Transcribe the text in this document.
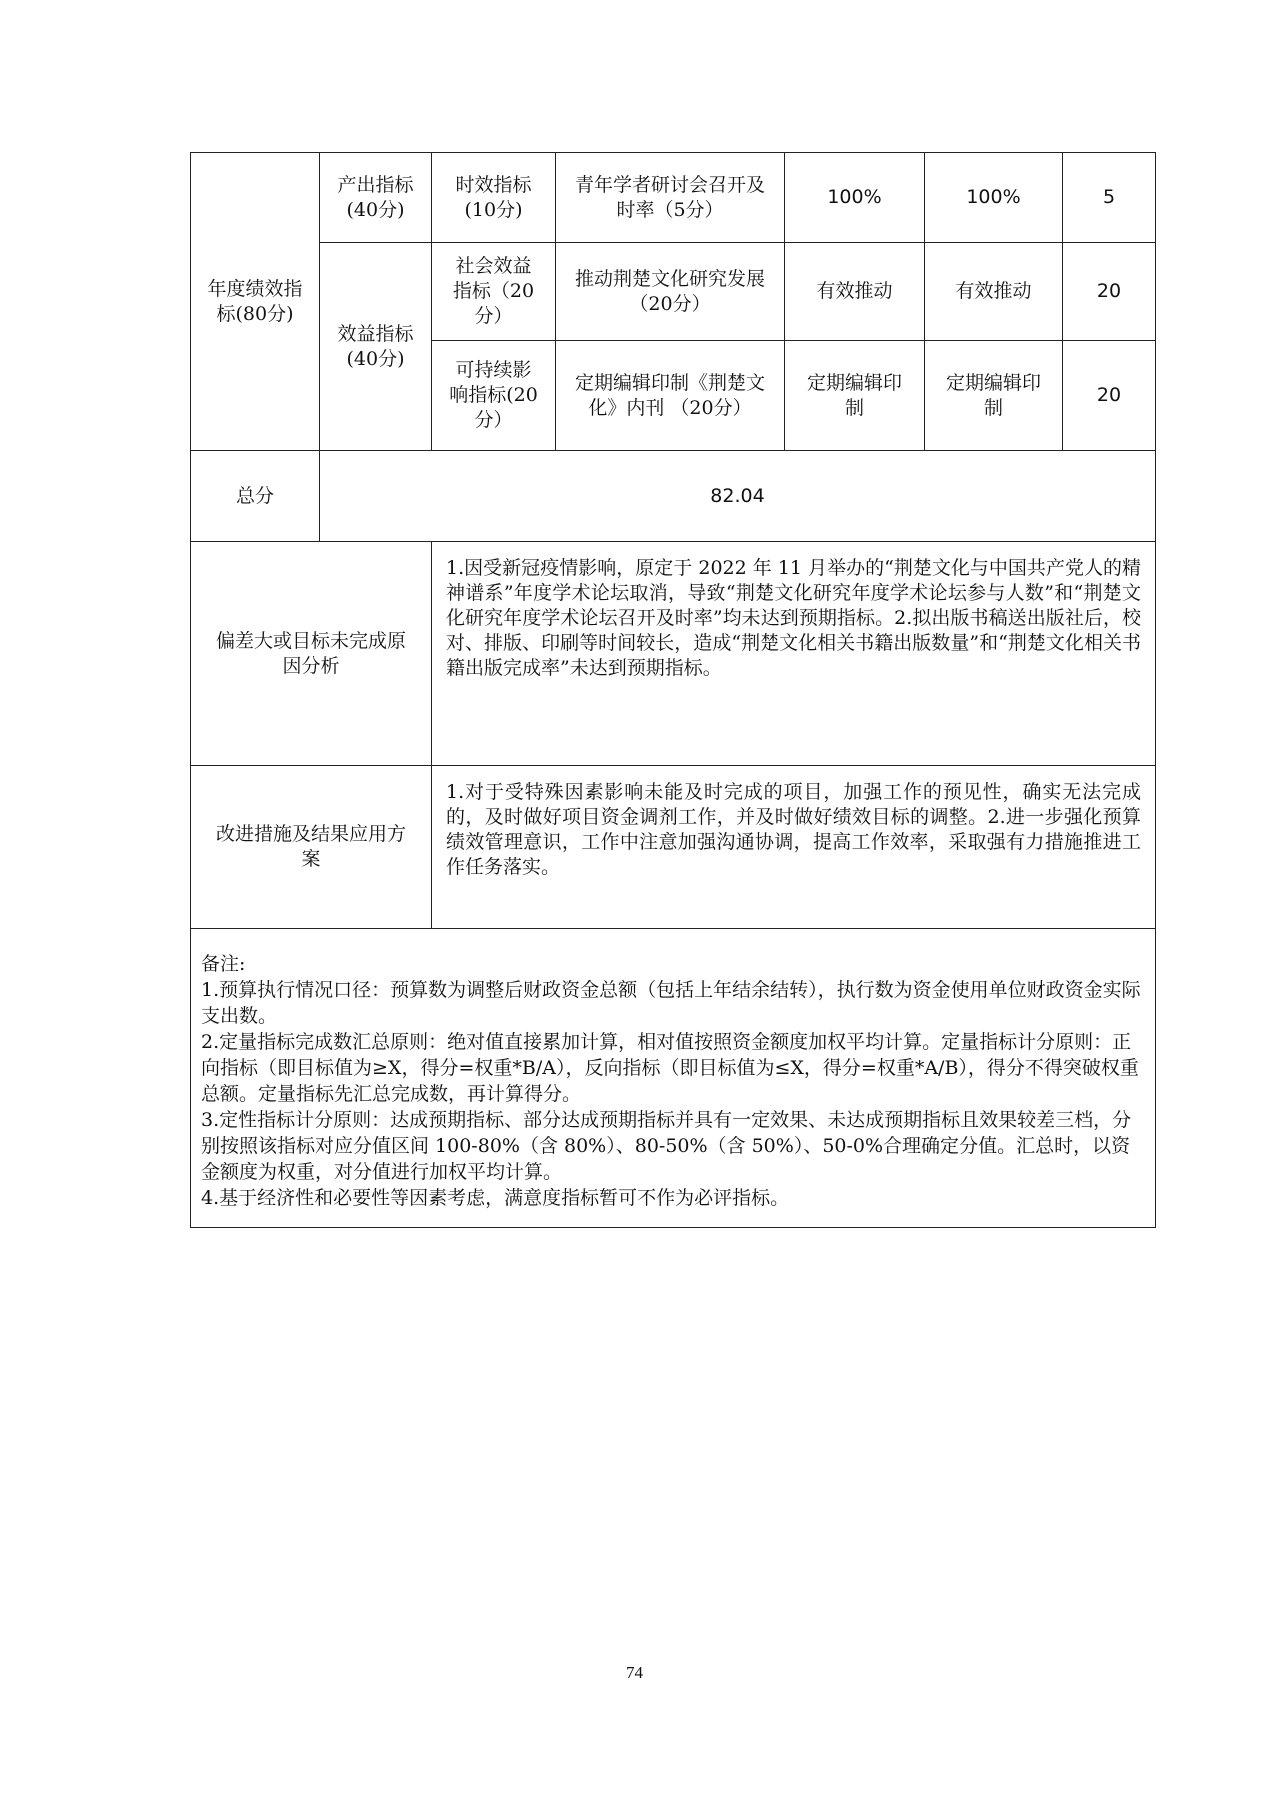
年度绩效指标(80分)	产出指标(40分)	时效指标(10分)	青年学者研讨会召开及时率（5分）	100%	100%	5
	效益指标(40分)	社会效益指标（20分）	推动荆楚文化研究发展（20分）	有效推动	有效推动	20
		可持续影响指标(20分）	定期编辑印制《荆楚文化》内刊 （20分）	定期编辑印制	定期编辑印制	20
总分	82.04					
偏差大或目标未完成原因分析		1.因受新冠疫情影响，原定于 2022 年 11 月举办的“荆楚文化与中国共产党人的精神谱系”年度学术论坛取消，导致“荆楚文化研究年度学术论坛参与人数”和“荆楚文化研究年度学术论坛召开及时率”均未达到预期指标。2.拟出版书稿送出版社后，校对、排版、印刷等时间较长，造成“荆楚文化相关书籍出版数量”和“荆楚文化相关书籍出版完成率”未达到预期指标。				
改进措施及结果应用方案		1.对于受特殊因素影响未能及时完成的项目，加强工作的预见性，确实无法完成的，及时做好项目资金调剂工作，并及时做好绩效目标的调整。2.进一步强化预算绩效管理意识，工作中注意加强沟通协调，提高工作效率，采取强有力措施推进工作任务落实。				

备注:
1.预算执行情况口径：预算数为调整后财政资金总额（包括上年结余结转），执行数为资金使用单位财政资金实际支出数。
2.定量指标完成数汇总原则：绝对值直接累加计算，相对值按照资金额度加权平均计算。定量指标计分原则：正向指标（即目标值为≥X，得分=权重*B/A），反向指标（即目标值为≤X，得分=权重*A/B），得分不得突破权重总额。定量指标先汇总完成数，再计算得分。
3.定性指标计分原则：达成预期指标、部分达成预期指标并具有一定效果、未达成预期指标且效果较差三档，分别按照该指标对应分值区间 100-80%（含 80%）、80-50%（含 50%）、50-0%合理确定分值。汇总时，以资金额度为权重，对分值进行加权平均计算。
4.基于经济性和必要性等因素考虑，满意度指标暂可不作为必评指标。						
74
